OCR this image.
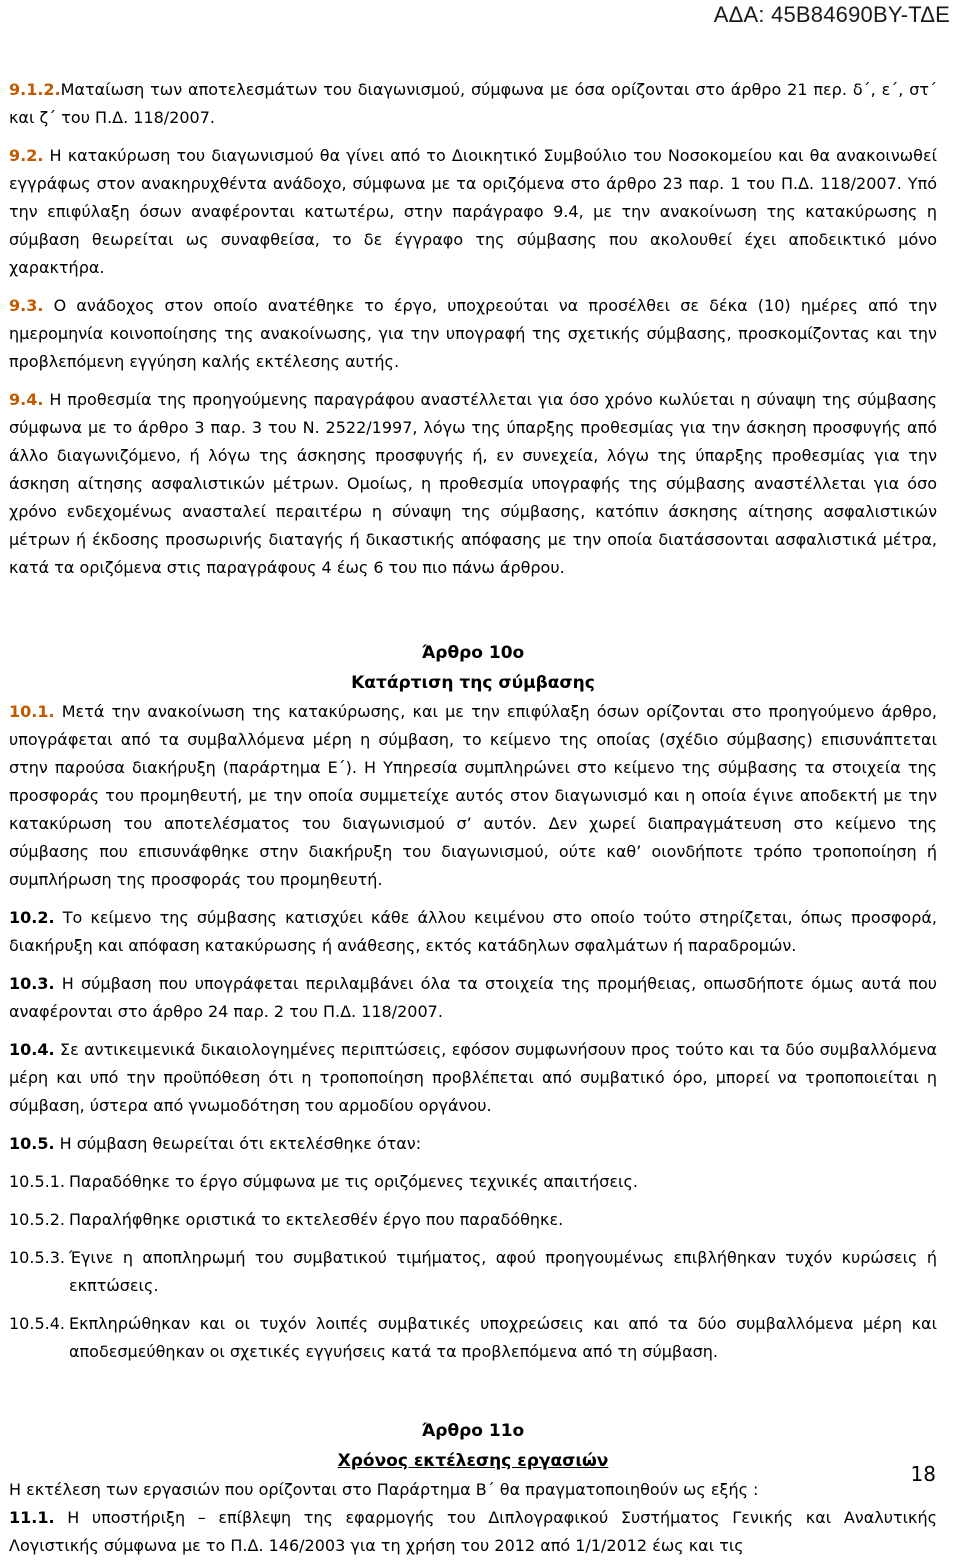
ΑΔΑ: 45Β84690ΒΥ-ΤΔΕ

9.1.2.Ματαίωση των αποτελεσμάτων του διαγωνισμού, σύμφωνα με όσα ορίζονται στο άρθρο 21 περ. δ΄, ε΄, στ΄ και ζ΄ του Π.Δ. 118/2007.

9.2. Η κατακύρωση του διαγωνισμού θα γίνει από το Διοικητικό Συμβούλιο του Νοσοκομείου και θα ανακοινωθεί εγγράφως στον ανακηρυχθέντα ανάδοχο, σύμφωνα με τα οριζόμενα στο άρθρο 23 παρ. 1 του Π.Δ. 118/2007. Υπό την επιφύλαξη όσων αναφέρονται κατωτέρω, στην παράγραφο 9.4, με την ανακοίνωση της κατακύρωσης η σύμβαση θεωρείται ως συναφθείσα, το δε έγγραφο της σύμβασης που ακολουθεί έχει αποδεικτικό μόνο χαρακτήρα.

9.3. Ο ανάδοχος στον οποίο ανατέθηκε το έργο, υποχρεούται να προσέλθει σε δέκα (10) ημέρες από την ημερομηνία κοινοποίησης της ανακοίνωσης, για την υπογραφή της σχετικής σύμβασης, προσκομίζοντας και την προβλεπόμενη εγγύηση καλής εκτέλεσης αυτής.

9.4. Η προθεσμία της προηγούμενης παραγράφου αναστέλλεται για όσο χρόνο κωλύεται η σύναψη της σύμβασης σύμφωνα με το άρθρο 3 παρ. 3 του Ν. 2522/1997, λόγω της ύπαρξης προθεσμίας για την άσκηση προσφυγής από άλλο διαγωνιζόμενο, ή λόγω της άσκησης προσφυγής ή, εν συνεχεία, λόγω της ύπαρξης προθεσμίας για την άσκηση αίτησης ασφαλιστικών μέτρων. Ομοίως, η προθεσμία υπογραφής της σύμβασης αναστέλλεται για όσο χρόνο ενδεχομένως ανασταλεί περαιτέρω η σύναψη της σύμβασης, κατόπιν άσκησης αίτησης ασφαλιστικών μέτρων ή έκδοσης προσωρινής διαταγής ή δικαστικής απόφασης με την οποία διατάσσονται ασφαλιστικά μέτρα, κατά τα οριζόμενα στις παραγράφους 4 έως 6 του πιο πάνω άρθρου.

Άρθρο 10ο

Κατάρτιση της σύμβασης

10.1. Μετά την ανακοίνωση της κατακύρωσης, και με την επιφύλαξη όσων ορίζονται στο προηγούμενο άρθρο, υπογράφεται από τα συμβαλλόμενα μέρη η σύμβαση, το κείμενο της οποίας (σχέδιο σύμβασης) επισυνάπτεται στην παρούσα διακήρυξη (παράρτημα Ε΄). Η Υπηρεσία συμπληρώνει στο κείμενο της σύμβασης τα στοιχεία της προσφοράς του προμηθευτή, με την οποία συμμετείχε αυτός στον διαγωνισμό και η οποία έγινε αποδεκτή με την κατακύρωση του αποτελέσματος του διαγωνισμού σ’ αυτόν. Δεν χωρεί διαπραγμάτευση στο κείμενο της σύμβασης που επισυνάφθηκε στην διακήρυξη του διαγωνισμού, ούτε καθ’ οιονδήποτε τρόπο τροποποίηση ή συμπλήρωση της προσφοράς του προμηθευτή.

10.2. Το κείμενο της σύμβασης κατισχύει κάθε άλλου κειμένου στο οποίο τούτο στηρίζεται, όπως προσφορά, διακήρυξη και απόφαση κατακύρωσης ή ανάθεσης, εκτός κατάδηλων σφαλμάτων ή παραδρομών.

10.3. Η σύμβαση που υπογράφεται περιλαμβάνει όλα τα στοιχεία της προμήθειας, οπωσδήποτε όμως αυτά που αναφέρονται στο άρθρο 24 παρ. 2 του Π.Δ. 118/2007.

10.4. Σε αντικειμενικά δικαιολογημένες περιπτώσεις, εφόσον συμφωνήσουν προς τούτο και τα δύο συμβαλλόμενα μέρη και υπό την προϋπόθεση ότι η τροποποίηση προβλέπεται από συμβατικό όρο, μπορεί να τροποποιείται η σύμβαση, ύστερα από γνωμοδότηση του αρμοδίου οργάνου.

10.5. Η σύμβαση θεωρείται ότι εκτελέσθηκε όταν:

10.5.1. Παραδόθηκε το έργο σύμφωνα με τις οριζόμενες τεχνικές απαιτήσεις.
10.5.2. Παραλήφθηκε οριστικά το εκτελεσθέν έργο που παραδόθηκε.
10.5.3. Έγινε η αποπληρωμή του συμβατικού τιμήματος, αφού προηγουμένως επιβλήθηκαν τυχόν κυρώσεις ή εκπτώσεις.
10.5.4. Εκπληρώθηκαν και οι τυχόν λοιπές συμβατικές υποχρεώσεις και από τα δύο συμβαλλόμενα μέρη και αποδεσμεύθηκαν οι σχετικές εγγυήσεις κατά τα προβλεπόμενα από τη σύμβαση.

Άρθρο 11ο

Χρόνος εκτέλεσης εργασιών

Η εκτέλεση των εργασιών που ορίζονται στο Παράρτημα Β΄ θα πραγματοποιηθούν ως εξής :

11.1. Η υποστήριξη – επίβλεψη της εφαρμογής του Διπλογραφικού Συστήματος Γενικής και Αναλυτικής Λογιστικής σύμφωνα με το Π.Δ. 146/2003 για τη χρήση του 2012 από 1/1/2012 έως και τις

18
